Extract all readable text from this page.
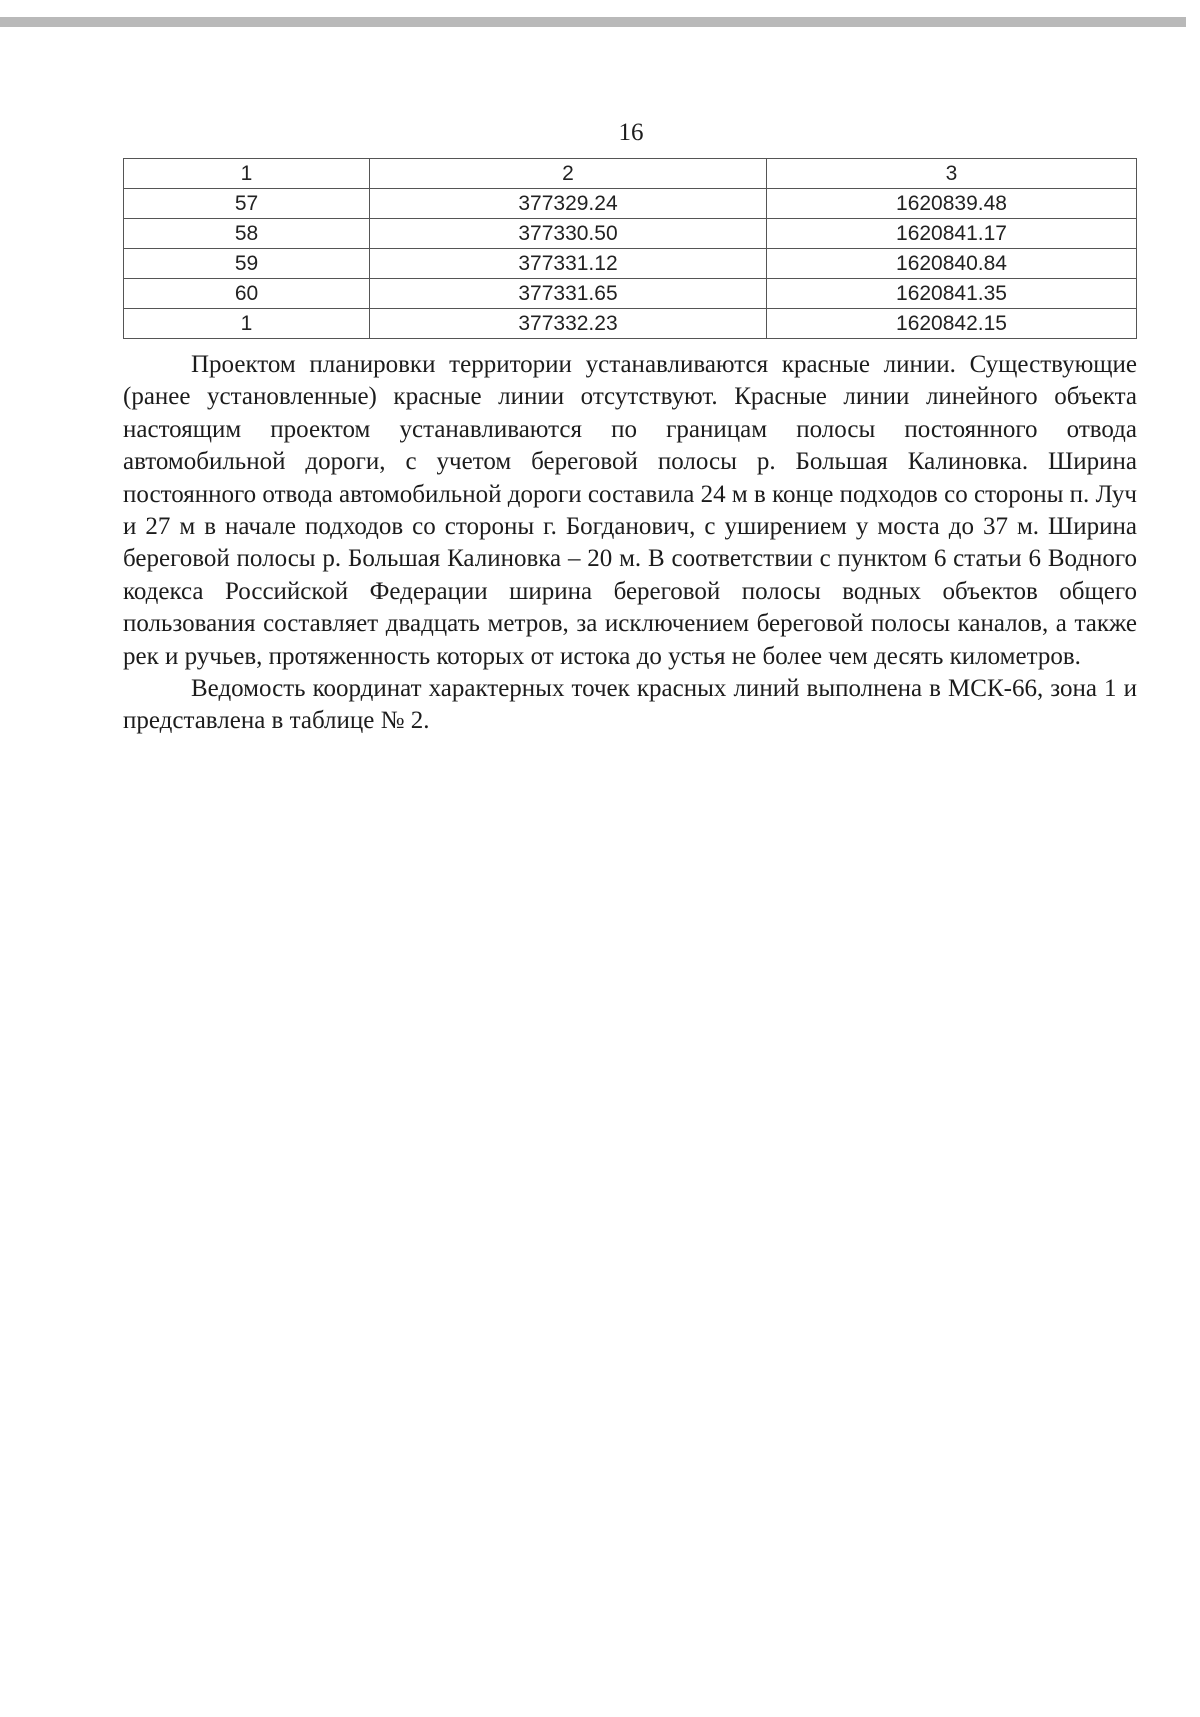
16
1	2	3
57	377329.24	1620839.48
58	377330.50	1620841.17
59	377331.12	1620840.84
60	377331.65	1620841.35
1	377332.23	1620842.15

Проектом планировки территории устанавливаются красные линии. Существующие (ранее установленные) красные линии отсутствуют. Красные линии линейного объекта настоящим проектом устанавливаются по границам полосы постоянного отвода автомобильной дороги, с учетом береговой полосы р. Большая Калиновка. Ширина постоянного отвода автомобильной дороги составила 24 м в конце подходов со стороны п. Луч и 27 м в начале подходов со стороны г. Богданович, с уширением у моста до 37 м. Ширина береговой полосы р. Большая Калиновка – 20 м. В соответствии с пунктом 6 статьи 6 Водного кодекса Российской Федерации ширина береговой полосы водных объектов общего пользования составляет двадцать метров, за исключением береговой полосы каналов, а также рек и ручьев, протяженность которых от истока до устья не более чем десять километров.

Ведомость координат характерных точек красных линий выполнена в МСК-66, зона 1 и представлена в таблице № 2.
